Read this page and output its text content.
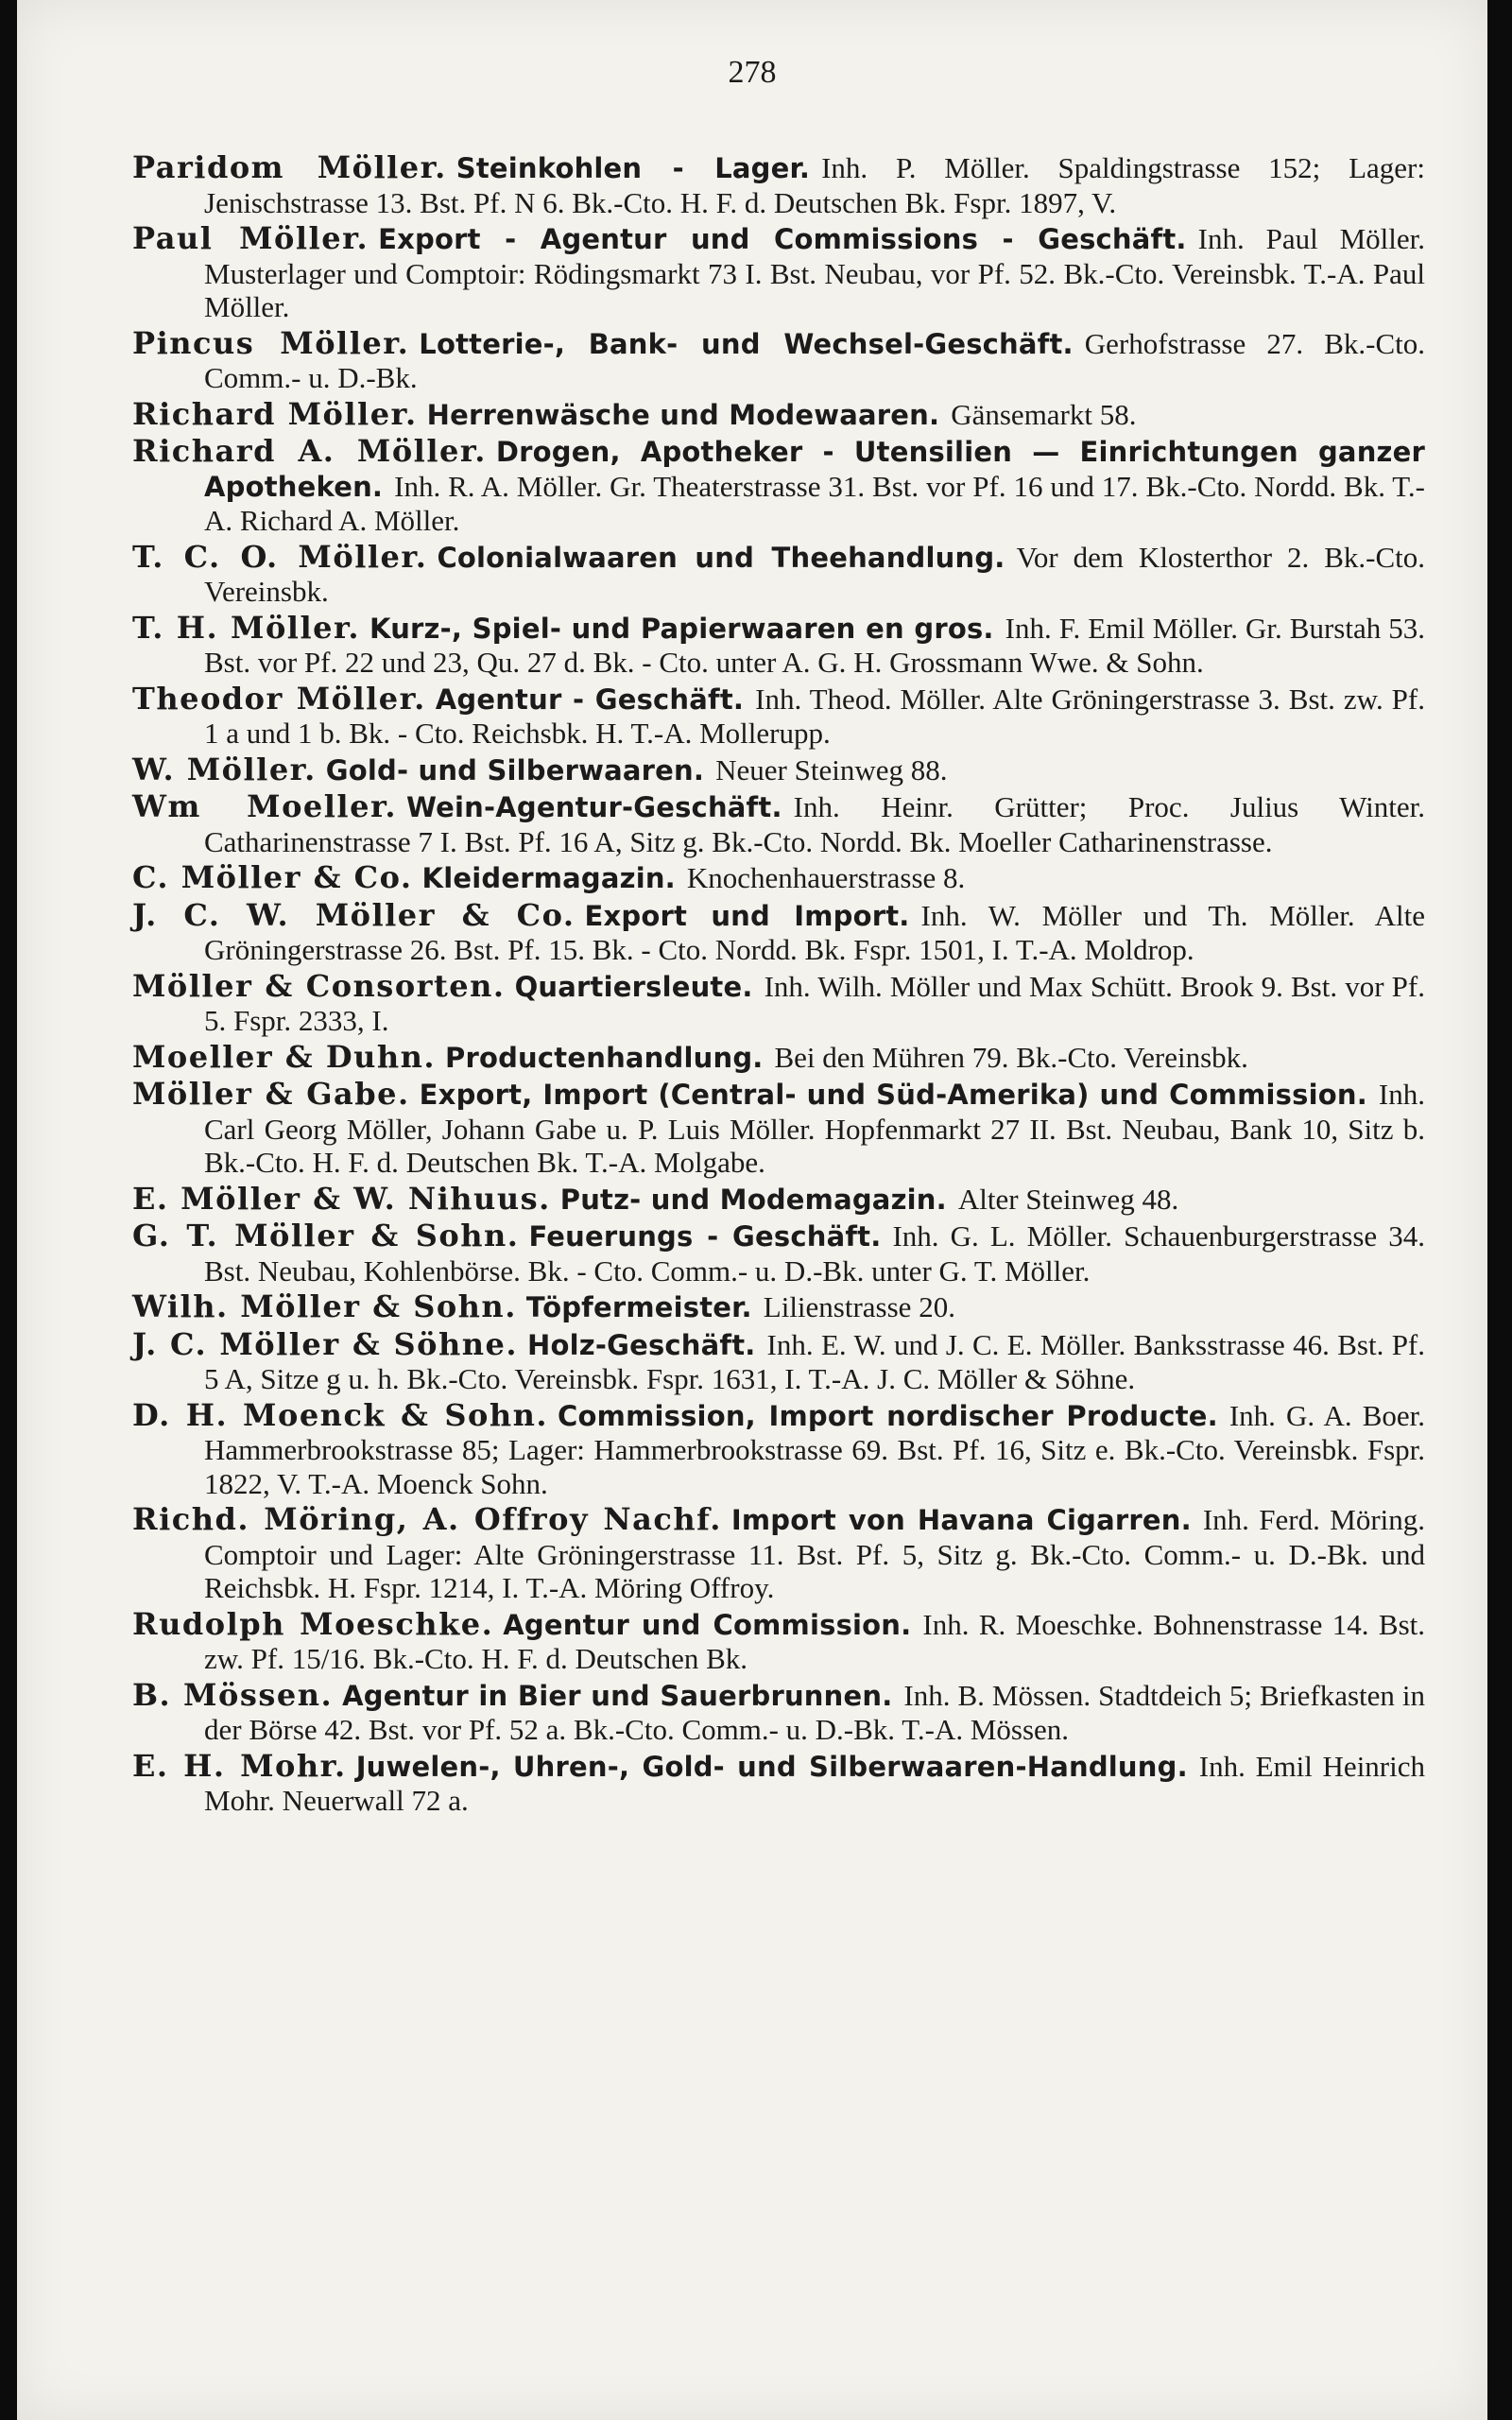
278

Paridom Möller. Steinkohlen - Lager. Inh. P. Möller. Spaldingstrasse 152; Lager: Jenischstrasse 13. Bst. Pf. N 6. Bk.-Cto. H. F. d. Deutschen Bk. Fspr. 1897, V.

Paul Möller. Export - Agentur und Commissions - Geschäft. Inh. Paul Möller. Musterlager und Comptoir: Rödingsmarkt 73 I. Bst. Neubau, vor Pf. 52. Bk.-Cto. Vereinsbk. T.-A. Paul Möller.

Pincus Möller. Lotterie-, Bank- und Wechsel-Geschäft. Gerhofstrasse 27. Bk.-Cto. Comm.- u. D.-Bk.

Richard Möller. Herrenwäsche und Modewaaren. Gänsemarkt 58.

Richard A. Möller. Drogen, Apotheker - Utensilien — Einrichtungen ganzer Apotheken. Inh. R. A. Möller. Gr. Theaterstrasse 31. Bst. vor Pf. 16 und 17. Bk.-Cto. Nordd. Bk. T.-A. Richard A. Möller.

T. C. O. Möller. Colonialwaaren und Theehandlung. Vor dem Klosterthor 2. Bk.-Cto. Vereinsbk.

T. H. Möller. Kurz-, Spiel- und Papierwaaren en gros. Inh. F. Emil Möller. Gr. Burstah 53. Bst. vor Pf. 22 und 23, Qu. 27 d. Bk. - Cto. unter A. G. H. Grossmann Wwe. & Sohn.

Theodor Möller. Agentur - Geschäft. Inh. Theod. Möller. Alte Gröningerstrasse 3. Bst. zw. Pf. 1 a und 1 b. Bk. - Cto. Reichsbk. H. T.-A. Mollerupp.

W. Möller. Gold- und Silberwaaren. Neuer Steinweg 88.

Wm Moeller. Wein-Agentur-Geschäft. Inh. Heinr. Grütter; Proc. Julius Winter. Catharinenstrasse 7 I. Bst. Pf. 16 A, Sitz g. Bk.-Cto. Nordd. Bk. Moeller Catharinenstrasse.

C. Möller & Co. Kleidermagazin. Knochenhauerstrasse 8.

J. C. W. Möller & Co. Export und Import. Inh. W. Möller und Th. Möller. Alte Gröningerstrasse 26. Bst. Pf. 15. Bk. - Cto. Nordd. Bk. Fspr. 1501, I. T.-A. Moldrop.

Möller & Consorten. Quartiersleute. Inh. Wilh. Möller und Max Schütt. Brook 9. Bst. vor Pf. 5. Fspr. 2333, I.

Moeller & Duhn. Productenhandlung. Bei den Mühren 79. Bk.-Cto. Vereinsbk.

Möller & Gabe. Export, Import (Central- und Süd-Amerika) und Commission. Inh. Carl Georg Möller, Johann Gabe u. P. Luis Möller. Hopfenmarkt 27 II. Bst. Neubau, Bank 10, Sitz b. Bk.-Cto. H. F. d. Deutschen Bk. T.-A. Molgabe.

E. Möller & W. Nihuus. Putz- und Modemagazin. Alter Steinweg 48.

G. T. Möller & Sohn. Feuerungs - Geschäft. Inh. G. L. Möller. Schauenburgerstrasse 34. Bst. Neubau, Kohlenbörse. Bk. - Cto. Comm.- u. D.-Bk. unter G. T. Möller.

Wilh. Möller & Sohn. Töpfermeister. Lilienstrasse 20.

J. C. Möller & Söhne. Holz-Geschäft. Inh. E. W. und J. C. E. Möller. Banksstrasse 46. Bst. Pf. 5 A, Sitze g u. h. Bk.-Cto. Vereinsbk. Fspr. 1631, I. T.-A. J. C. Möller & Söhne.

D. H. Moenck & Sohn. Commission, Import nordischer Producte. Inh. G. A. Boer. Hammerbrookstrasse 85; Lager: Hammerbrookstrasse 69. Bst. Pf. 16, Sitz e. Bk.-Cto. Vereinsbk. Fspr. 1822, V. T.-A. Moenck Sohn.

Richd. Möring, A. Offroy Nachf. Import von Havana Cigarren. Inh. Ferd. Möring. Comptoir und Lager: Alte Gröningerstrasse 11. Bst. Pf. 5, Sitz g. Bk.-Cto. Comm.- u. D.-Bk. und Reichsbk. H. Fspr. 1214, I. T.-A. Möring Offroy.

Rudolph Moeschke. Agentur und Commission. Inh. R. Moeschke. Bohnenstrasse 14. Bst. zw. Pf. 15/16. Bk.-Cto. H. F. d. Deutschen Bk.

B. Mössen. Agentur in Bier und Sauerbrunnen. Inh. B. Mössen. Stadtdeich 5; Briefkasten in der Börse 42. Bst. vor Pf. 52 a. Bk.-Cto. Comm.- u. D.-Bk. T.-A. Mössen.

E. H. Mohr. Juwelen-, Uhren-, Gold- und Silberwaaren-Handlung. Inh. Emil Heinrich Mohr. Neuerwall 72 a.
